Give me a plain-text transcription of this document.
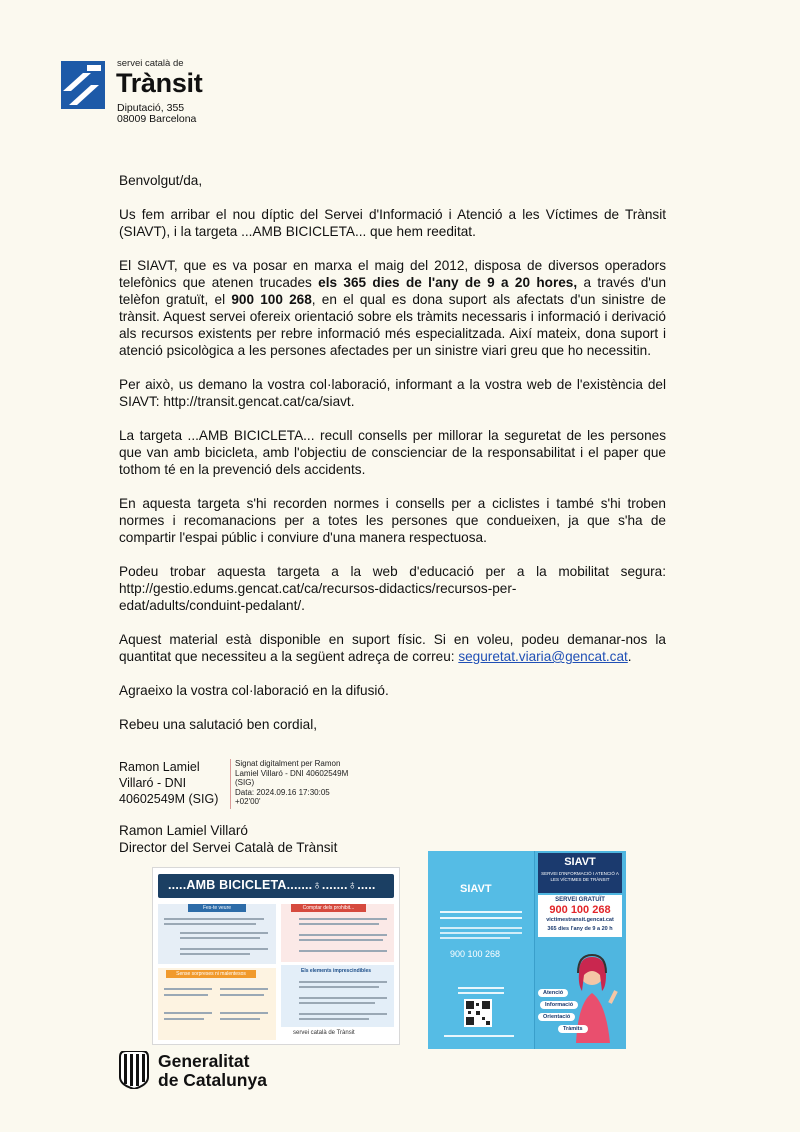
servei català de
Trànsit
Diputació, 355
08009 Barcelona

Benvolgut/da,

Us fem arribar el nou díptic del Servei d'Informació i Atenció a les Víctimes de Trànsit (SIAVT), i la targeta ...AMB BICICLETA... que hem reeditat.

El SIAVT, que es va posar en marxa el maig del 2012, disposa de diversos operadors telefònics que atenen trucades els 365 dies de l'any de 9 a 20 hores, a través d'un telèfon gratuït, el 900 100 268, en el qual es dona suport als afectats d'un sinistre de trànsit. Aquest servei ofereix orientació sobre els tràmits necessaris i informació i derivació als recursos existents per rebre informació més especialitzada. Així mateix, dona suport i atenció psicològica a les persones afectades per un sinistre viari greu que ho necessitin.

Per això, us demano la vostra col·laboració, informant a la vostra web de l'existència del SIAVT: http://transit.gencat.cat/ca/siavt.

La targeta ...AMB BICICLETA... recull consells per millorar la seguretat de les persones que van amb bicicleta, amb l'objectiu de conscienciar de la responsabilitat i el paper que tothom té en la prevenció dels accidents.

En aquesta targeta s'hi recorden normes i consells per a ciclistes i també s'hi troben normes i recomanacions per a totes les persones que condueixen, ja que s'ha de compartir l'espai públic i conviure d'una manera respectuosa.

Podeu trobar aquesta targeta a la web d'educació per a la mobilitat segura: http://gestio.edums.gencat.cat/ca/recursos-didactics/recursos-per-
edat/adults/conduint-pedalant/.

Aquest material està disponible en suport físic. Si en voleu, podeu demanar-nos la quantitat que necessiteu a la següent adreça de correu: seguretat.viaria@gencat.cat.

Agraeixo la vostra col·laboració en la difusió.

Rebeu una salutació ben cordial,

Ramon Lamiel
Villaró - DNI
40602549M (SIG)
Signat digitalment per Ramon
Lamiel Villaró - DNI 40602549M
(SIG)
Data: 2024.09.16 17:30:05
+02'00'
Ramon Lamiel Villaró
Director del Servei Català de Trànsit
.....AMB BICICLETA.......♁.......♁.....
Fes-te veure	Comptar dels prohibit...
Sense sorpreses ni malentesos	Els elements imprescindibles
servei català de Trànsit
SIAVT
900 100 268
SIAVT
SERVEI D'INFORMACIÓ I ATENCIÓ A LES VÍCTIMES DE TRÀNSIT
SERVEI GRATUÏT
900 100 268
victimestransit.gencat.cat
365 dies l'any de 9 a 20 h
Atenció
Informació
Orientació
Tràmits
Generalitat
de Catalunya
